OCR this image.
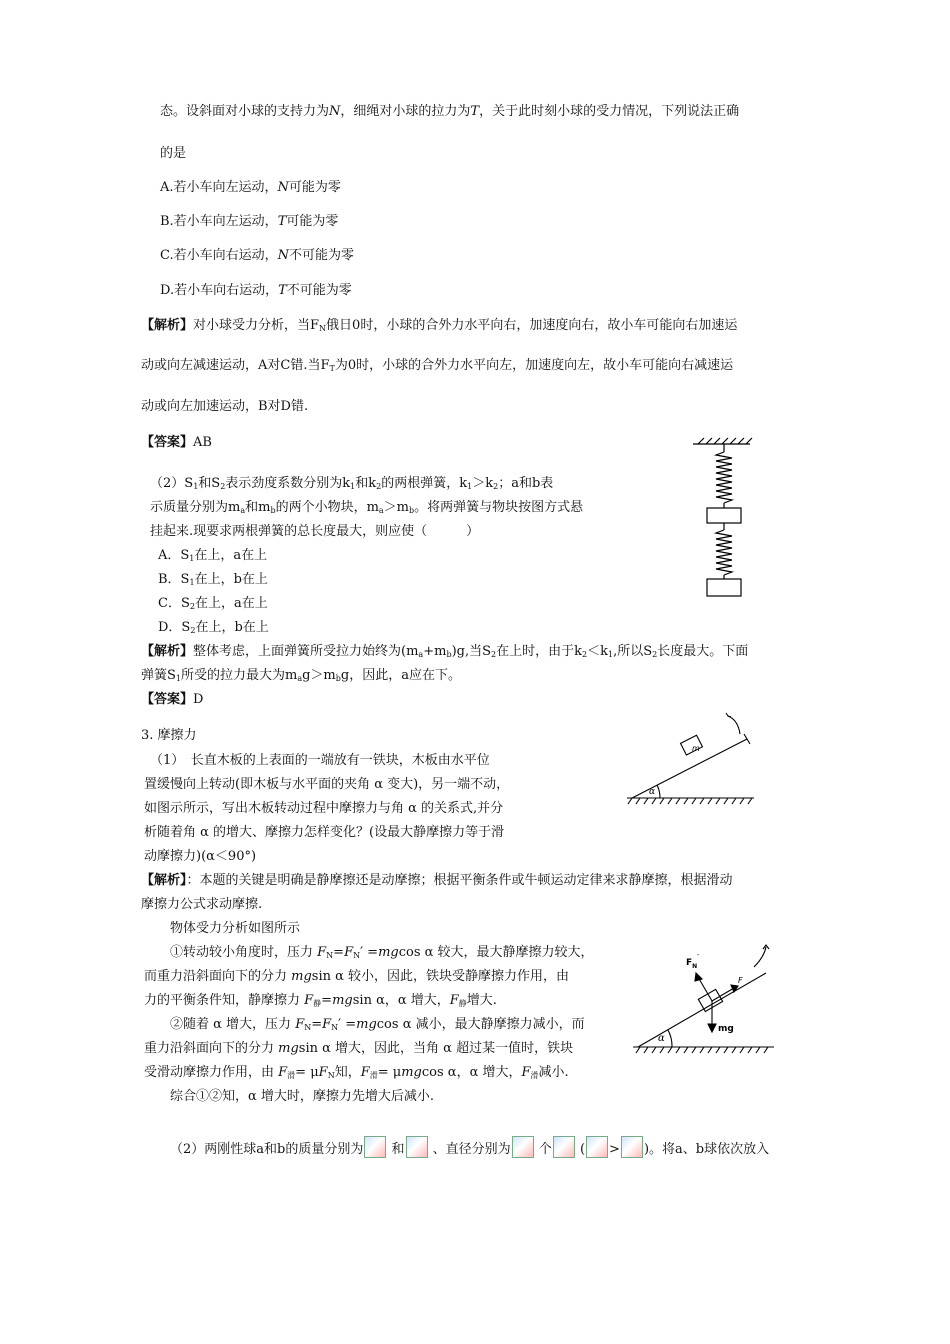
态。设斜面对小球的支持力为N，细绳对小球的拉力为T，关于此时刻小球的受力情况，下列说法正确
的是
A.若小车向左运动，N可能为零
B.若小车向左运动，T可能为零
C.若小车向右运动，N不可能为零
D.若小车向右运动，T不可能为零
【解析】对小球受力分析，当$F_N$俄日0时，小球的合外力水平向右，加速度向右，故小车可能向右加速运
动或向左减速运动，A对C错.当$F_T$为0时，小球的合外力水平向左，加速度向左，故小车可能向右减速运
动或向左加速运动，B对D错.
【答案】AB
$(2)S_1$和$S_2$表示劲度系数分别为$k_1$和$k_2$的两根弹簧，$k_1>k_2$；a和b表
示质量分别为$m_a$和$m_b$的两个小物块，$m_a>m_b$。将两弹簧与物块按图方式悬
挂起来.现要求两根弹簧的总长度最大，则应使（　　　）
A．$S_1$在上，a在上
B．$S_1$在上，b在上
C．$S_2$在上，a在上
D．$S_2$在上，b在上
【解析】整体考虑，上面弹簧所受拉力始终为$(m_a+m_b)g$,当$S_2$在上时，由于$k_2<k_1$,所以$S_2$长度最大。下面
弹簧$S_1$所受的拉力最大为$m_ag>m_bg$，因此，a应在下。
【答案】D
3. 摩擦力
（1）　长直木板的上表面的一端放有一铁块，木板由水平位
置缓慢向上转动(即木板与水平面的夹角 α 变大)，另一端不动，
如图示所示，写出木板转动过程中摩擦力与角 α 的关系式,并分
析随着角 α 的增大、摩擦力怎样变化？(设最大静摩擦力等于滑
动摩擦力)(α＜90°)
m
α
【解析】：本题的关键是明确是静摩擦还是动摩擦；根据平衡条件或牛顿运动定律来求静摩擦，根据滑动
摩擦力公式求动摩擦.
物体受力分析如图所示
①转动较小角度时，压力 $F_N=F_N' =mgcos$ α 较大，最大静摩擦力较大，
而重力沿斜面向下的分力 mgsin α 较小，因此，铁块受静摩擦力作用，由
力的平衡条件知，静摩擦力 $F_静=mgsin$ α，α 增大，$F_静$增大.
②随着 α 增大，压力 $F_N=F_N' =mgcos$ α 减小，最大静摩擦力减小，而
重力沿斜面向下的分力 mgsin α 增大，因此，当角 α 超过某一值时，铁块
受滑动摩擦力作用，由 $F_滑= \mu F_N$知，$F_滑= \mu mgcos$ α，α 增大，$F_滑$减小.
综合①②知，α 增大时，摩擦力先增大后减小.
$F_N'$
F
mg
α
（2）两刚性球a和b的质量分别为 和 、直径分别为 个 ( > )。将a、b球依次放入
